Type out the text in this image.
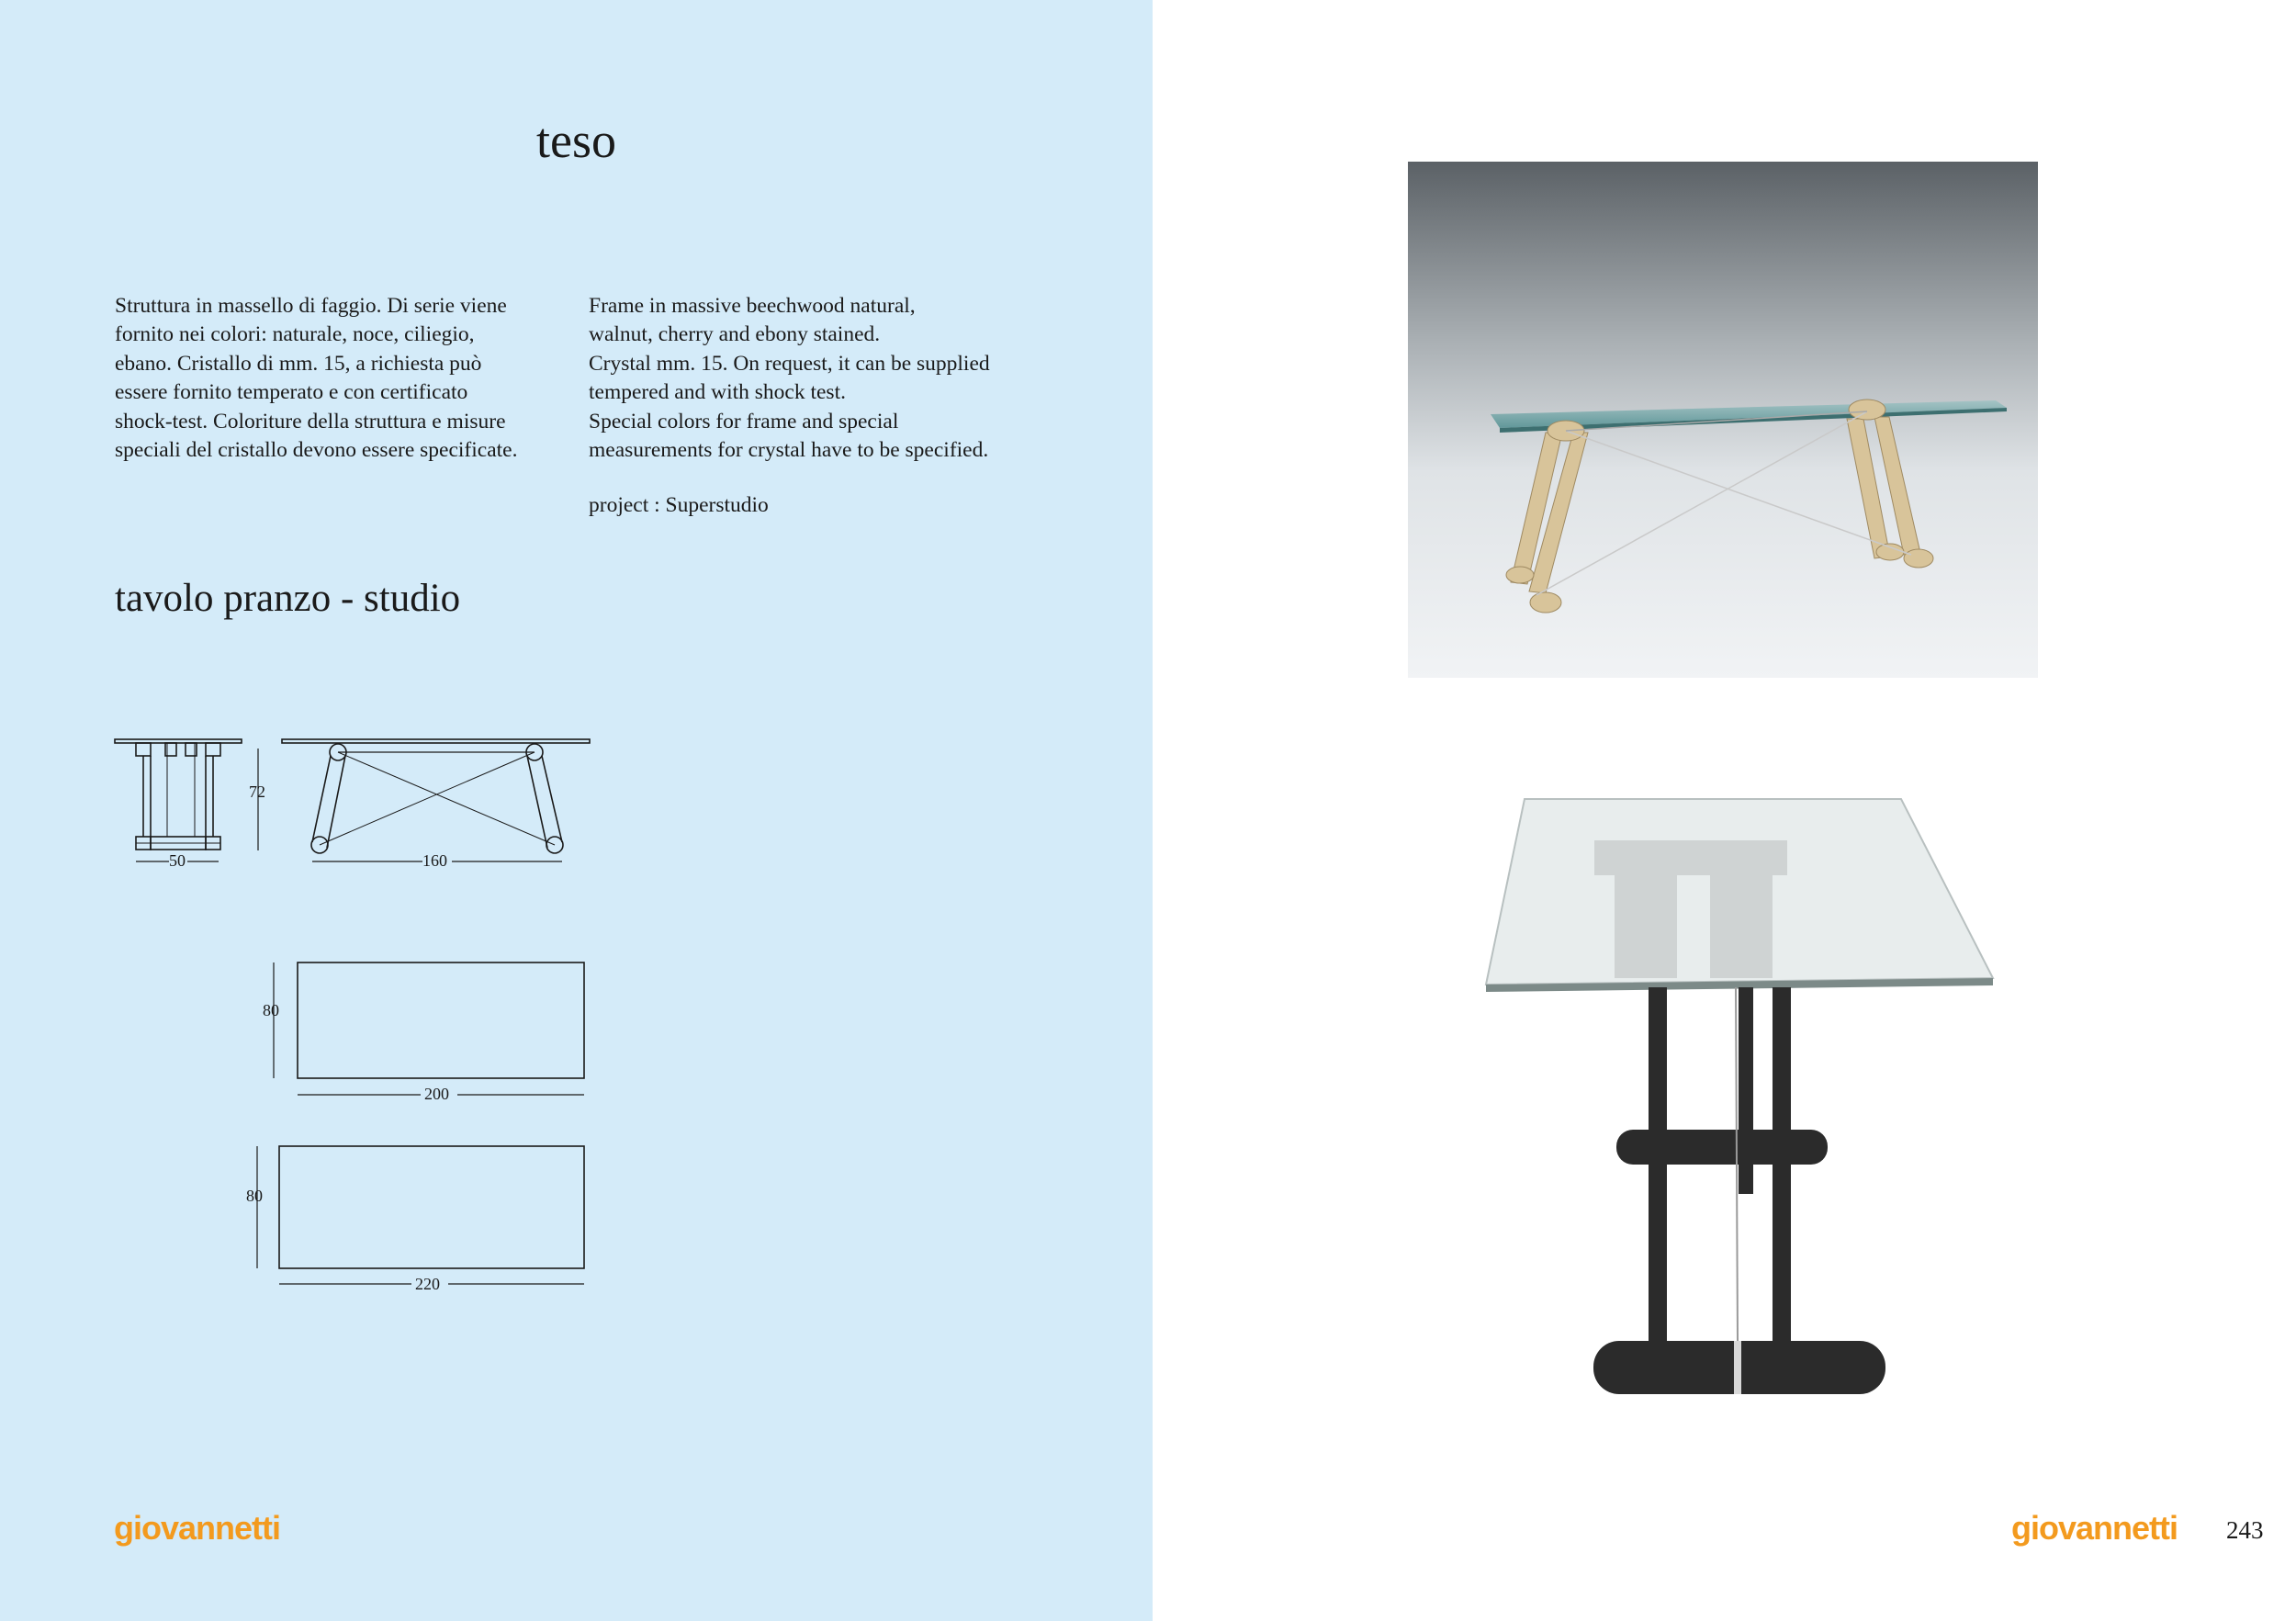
teso
Struttura in massello di faggio. Di serie viene
fornito nei colori: naturale, noce, ciliegio,
ebano. Cristallo di mm. 15, a richiesta può
essere fornito temperato e con certificato
shock-test. Coloriture della struttura e misure
speciali del cristallo devono essere specificate.
Frame in massive beechwood natural,
walnut, cherry and ebony stained.
Crystal mm. 15. On request, it can be supplied
tempered and with shock test.
Special colors for frame and special
measurements for crystal have to be specified.
project : Superstudio
tavolo pranzo - studio
50
72
160
80
200
80
220
giovannetti	giovannetti 243
